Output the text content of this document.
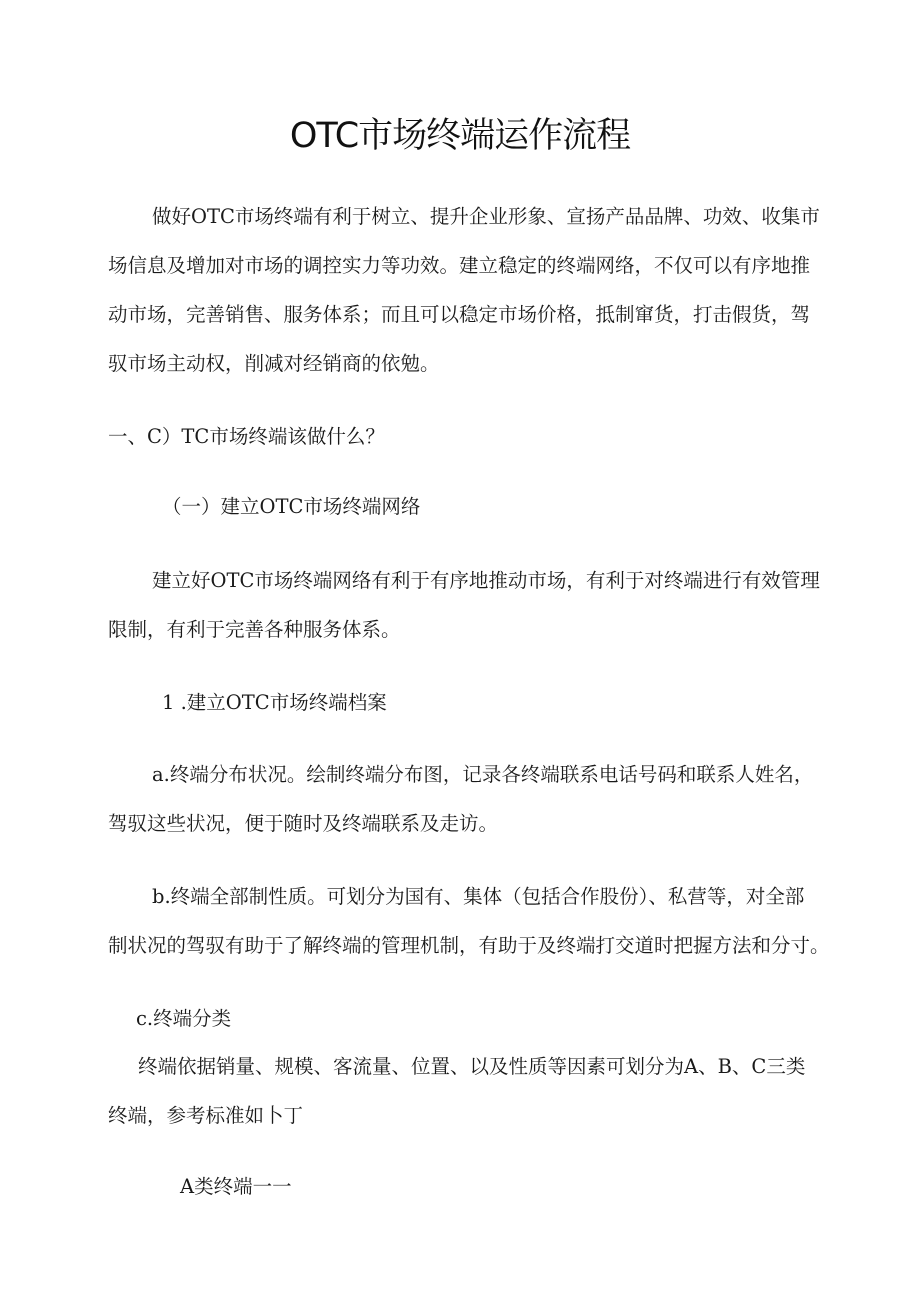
OTC市场终端运作流程
做好OTC市场终端有利于树立、提升企业形象、宣扬产品品牌、功效、收集市
场信息及增加对市场的调控实力等功效。建立稳定的终端网络，不仅可以有序地推
动市场，完善销售、服务体系；而且可以稳定市场价格，抵制窜货，打击假货，驾
驭市场主动权，削减对经销商的依勉。
一、C）TC市场终端该做什么？
（一）建立OTC市场终端网络
建立好OTC市场终端网络有利于有序地推动市场，有利于对终端进行有效管理
限制，有利于完善各种服务体系。
1 .建立OTC市场终端档案
a.终端分布状况。绘制终端分布图，记录各终端联系电话号码和联系人姓名，
驾驭这些状况，便于随时及终端联系及走访。
b.终端全部制性质。可划分为国有、集体（包括合作股份）、私营等，对全部
制状况的驾驭有助于了解终端的管理机制，有助于及终端打交道时把握方法和分寸。
c.终端分类
终端依据销量、规模、客流量、位置、以及性质等因素可划分为A、B、C三类
终端，参考标准如卜丁
A类终端一一
